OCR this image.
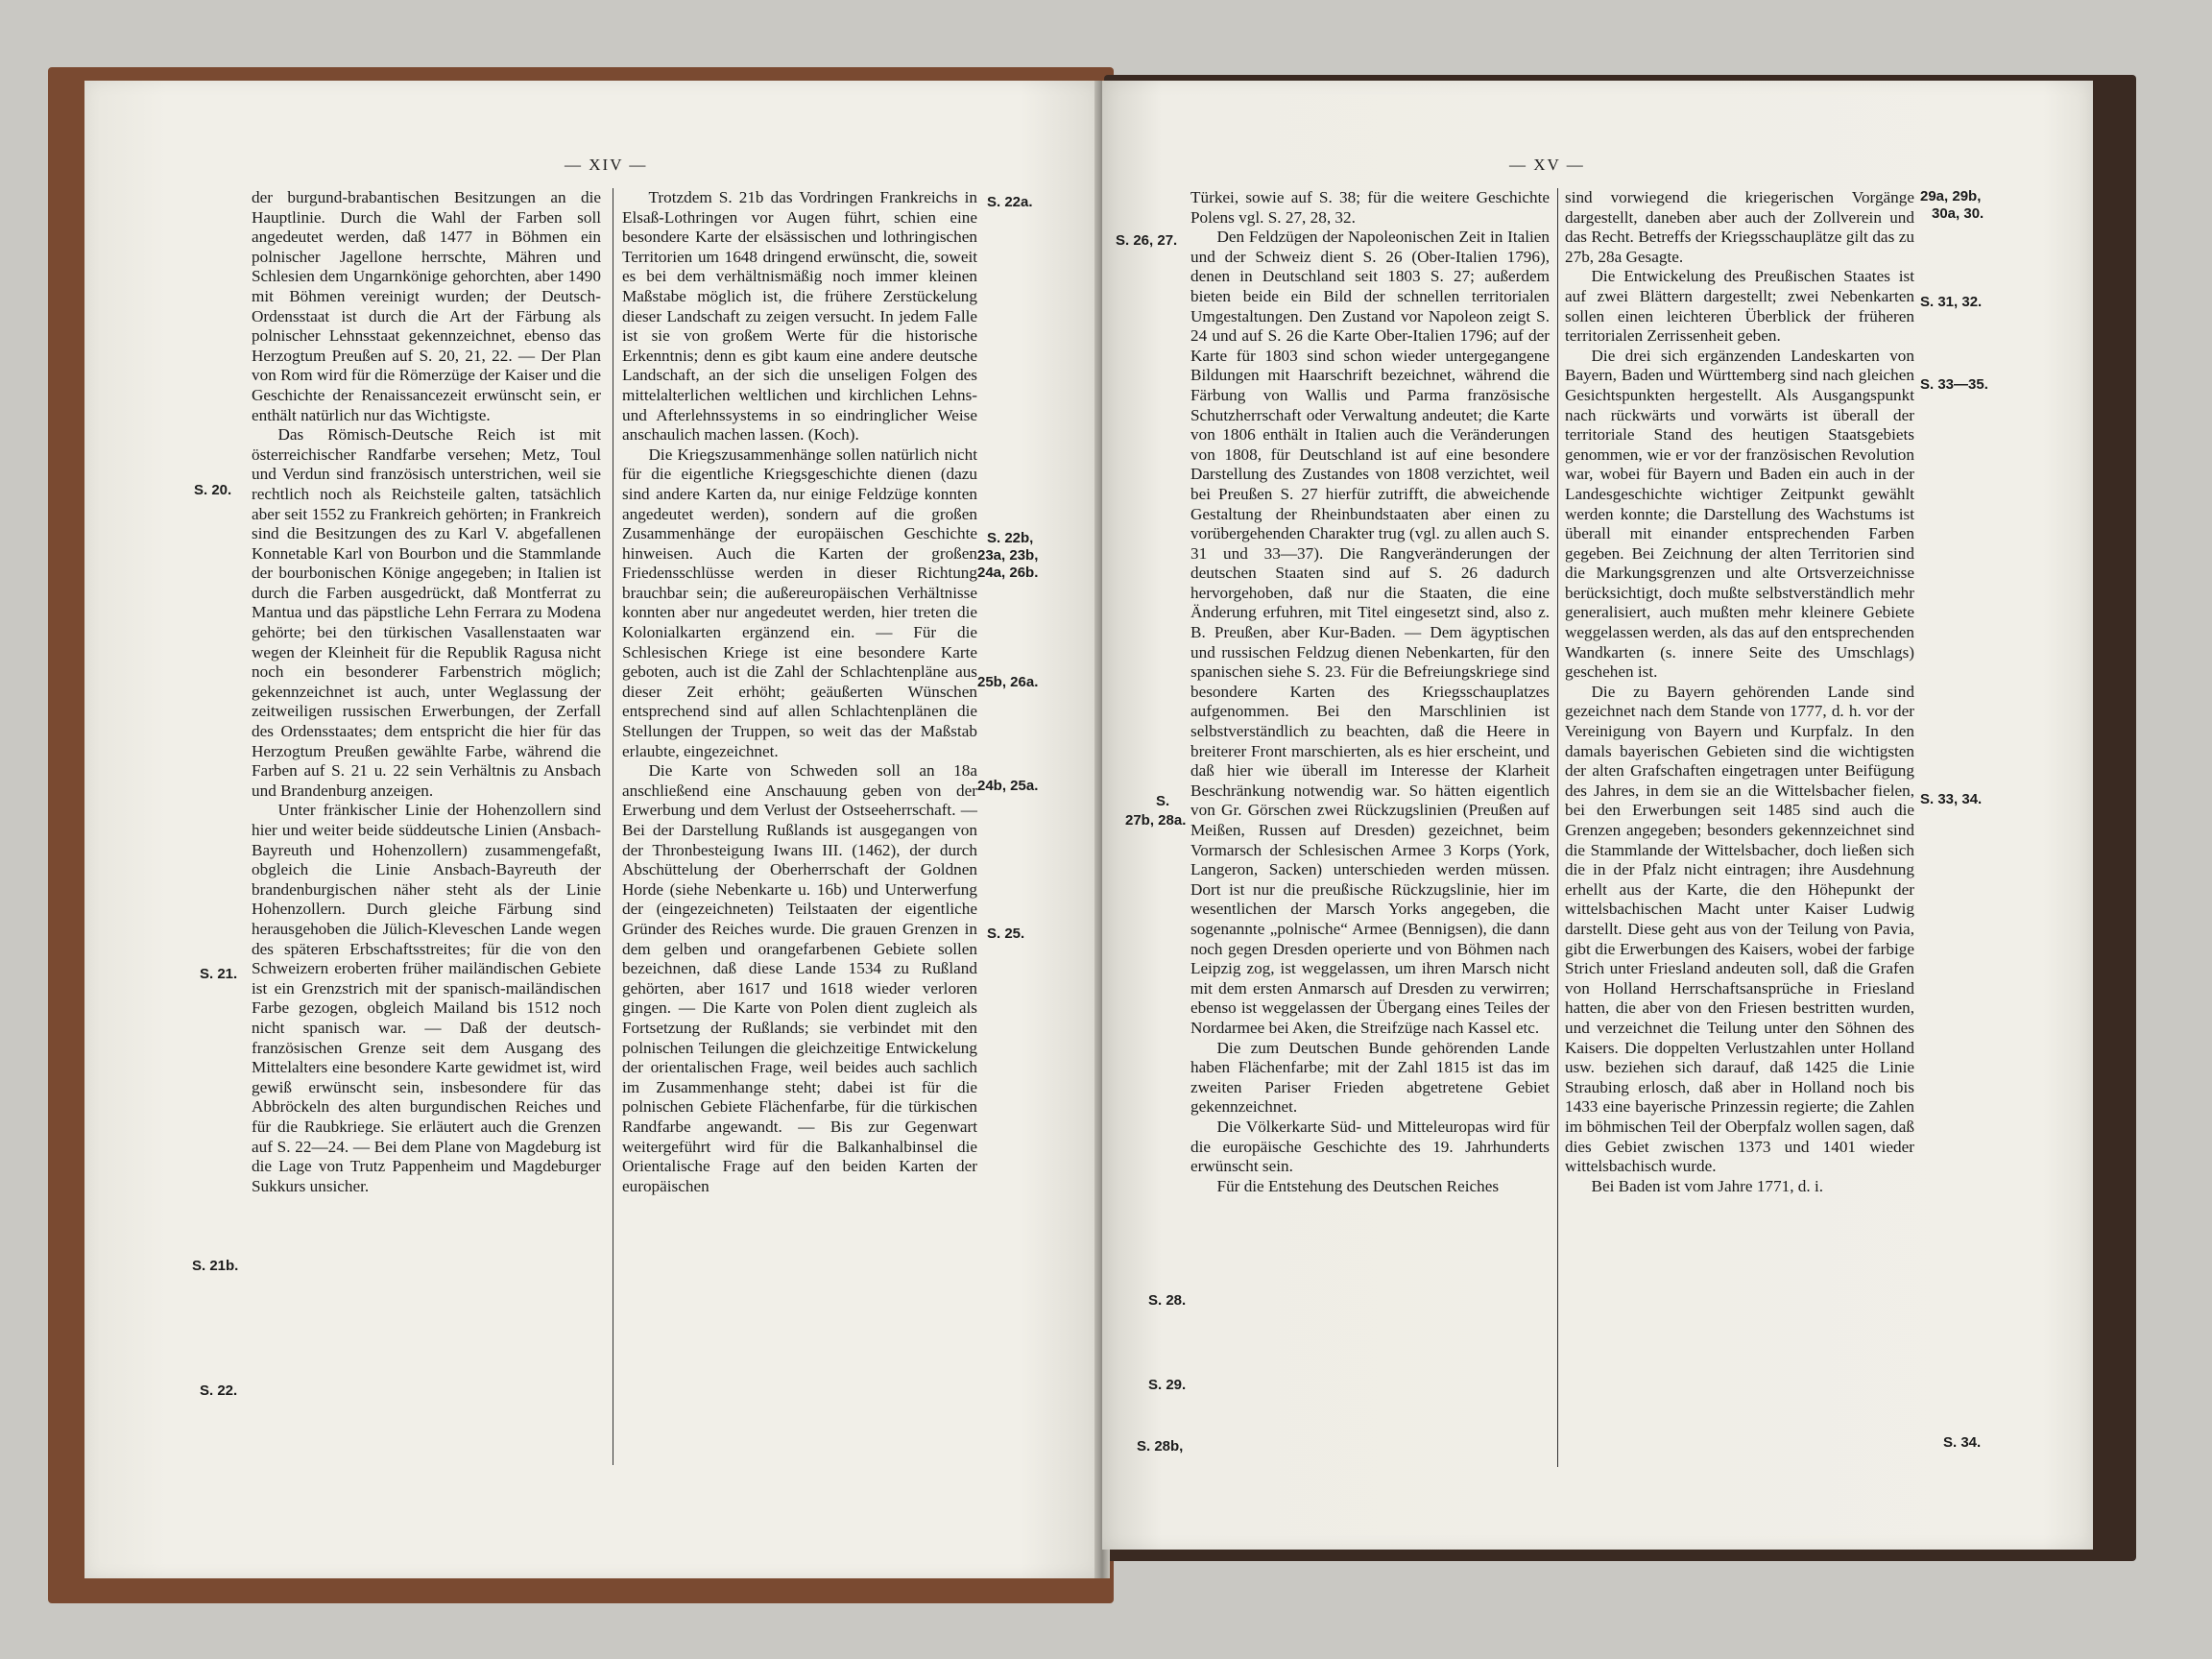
— XIV —

der burgund-brabantischen Besitzungen an die Hauptlinie. Durch die Wahl der Farben soll angedeutet werden, daß 1477 in Böhmen ein polnischer Jagellone herrschte, Mähren und Schlesien dem Ungarnkönige gehorchten, aber 1490 mit Böhmen vereinigt wurden; der Deutsch-Ordensstaat ist durch die Art der Färbung als polnischer Lehnsstaat gekennzeichnet, ebenso das Herzogtum Preußen auf S. 20, 21, 22. — Der Plan von Rom wird für die Römerzüge der Kaiser und die Geschichte der Renaissancezeit erwünscht sein, er enthält natürlich nur das Wichtigste.

Das Römisch-Deutsche Reich ist mit österreichischer Randfarbe versehen; Metz, Toul und Verdun sind französisch unterstrichen, weil sie rechtlich noch als Reichsteile galten, tatsächlich aber seit 1552 zu Frankreich gehörten; in Frankreich sind die Besitzungen des zu Karl V. abgefallenen Konnetable Karl von Bourbon und die Stammlande der bourbonischen Könige angegeben; in Italien ist durch die Farben ausgedrückt, daß Montferrat zu Mantua und das päpstliche Lehn Ferrara zu Modena gehörte; bei den türkischen Vasallenstaaten war wegen der Kleinheit für die Republik Ragusa nicht noch ein besonderer Farbenstrich möglich; gekennzeichnet ist auch, unter Weglassung der zeitweiligen russischen Erwerbungen, der Zerfall des Ordensstaates; dem entspricht die hier für das Herzogtum Preußen gewählte Farbe, während die Farben auf S. 21 u. 22 sein Verhältnis zu Ansbach und Brandenburg anzeigen.

Unter fränkischer Linie der Hohenzollern sind hier und weiter beide süddeutsche Linien (Ansbach-Bayreuth und Hohenzollern) zusammengefaßt, obgleich die Linie Ansbach-Bayreuth der brandenburgischen näher steht als der Linie Hohenzollern. Durch gleiche Färbung sind herausgehoben die Jülich-Kleveschen Lande wegen des späteren Erbschaftsstreites; für die von den Schweizern eroberten früher mailändischen Gebiete ist ein Grenzstrich mit der spanisch-mailändischen Farbe gezogen, obgleich Mailand bis 1512 noch nicht spanisch war. — Daß der deutsch-französischen Grenze seit dem Ausgang des Mittelalters eine besondere Karte gewidmet ist, wird gewiß erwünscht sein, insbesondere für das Abbröckeln des alten burgundischen Reiches und für die Raubkriege. Sie erläutert auch die Grenzen auf S. 22—24. — Bei dem Plane von Magdeburg ist die Lage von Trutz Pappenheim und Magdeburger Sukkurs unsicher.

Trotzdem S. 21b das Vordringen Frankreichs in Elsaß-Lothringen vor Augen führt, schien eine besondere Karte der elsässischen und lothringischen Territorien um 1648 dringend erwünscht, die, soweit es bei dem verhältnismäßig noch immer kleinen Maßstabe möglich ist, die frühere Zerstückelung dieser Landschaft zu zeigen versucht. In jedem Falle ist sie von großem Werte für die historische Erkenntnis; denn es gibt kaum eine andere deutsche Landschaft, an der sich die unseligen Folgen des mittelalterlichen weltlichen und kirchlichen Lehns- und Afterlehnssystems in so eindringlicher Weise anschaulich machen lassen. (Koch).

Die Kriegszusammenhänge sollen natürlich nicht für die eigentliche Kriegsgeschichte dienen (dazu sind andere Karten da, nur einige Feldzüge konnten angedeutet werden), sondern auf die großen Zusammenhänge der europäischen Geschichte hinweisen. Auch die Karten der großen Friedensschlüsse werden in dieser Richtung brauchbar sein; die außereuropäischen Verhältnisse konnten aber nur angedeutet werden, hier treten die Kolonialkarten ergänzend ein. — Für die Schlesischen Kriege ist eine besondere Karte geboten, auch ist die Zahl der Schlachtenpläne aus dieser Zeit erhöht; geäußerten Wünschen entsprechend sind auf allen Schlachtenplänen die Stellungen der Truppen, so weit das der Maßstab erlaubte, eingezeichnet.

Die Karte von Schweden soll an 18a anschließend eine Anschauung geben von der Erwerbung und dem Verlust der Ostseeherrschaft. — Bei der Darstellung Rußlands ist ausgegangen von der Thronbesteigung Iwans III. (1462), der durch Abschüttelung der Oberherrschaft der Goldnen Horde (siehe Nebenkarte u. 16b) und Unterwerfung der (eingezeichneten) Teilstaaten der eigentliche Gründer des Reiches wurde. Die grauen Grenzen in dem gelben und orangefarbenen Gebiete sollen bezeichnen, daß diese Lande 1534 zu Rußland gehörten, aber 1617 und 1618 wieder verloren gingen. — Die Karte von Polen dient zugleich als Fortsetzung der Rußlands; sie verbindet mit den polnischen Teilungen die gleichzeitige Entwickelung der orientalischen Frage, weil beides auch sachlich im Zusammenhange steht; dabei ist für die polnischen Gebiete Flächenfarbe, für die türkischen Randfarbe angewandt. — Bis zur Gegenwart weitergeführt wird für die Balkanhalbinsel die Orientalische Frage auf den beiden Karten der europäischen

S. 20.
S. 21.
S. 21b.
S. 22.
S. 22a.
S. 22b,
23a, 23b,
24a, 26b.
25b, 26a.
24b, 25a.
S. 25.
— XV —

Türkei, sowie auf S. 38; für die weitere Geschichte Polens vgl. S. 27, 28, 32.

Den Feldzügen der Napoleonischen Zeit in Italien und der Schweiz dient S. 26 (Ober-Italien 1796), denen in Deutschland seit 1803 S. 27; außerdem bieten beide ein Bild der schnellen territorialen Umgestaltungen. Den Zustand vor Napoleon zeigt S. 24 und auf S. 26 die Karte Ober-Italien 1796; auf der Karte für 1803 sind schon wieder untergegangene Bildungen mit Haarschrift bezeichnet, während die Färbung von Wallis und Parma französische Schutzherrschaft oder Verwaltung andeutet; die Karte von 1806 enthält in Italien auch die Veränderungen von 1808, für Deutschland ist auf eine besondere Darstellung des Zustandes von 1808 verzichtet, weil bei Preußen S. 27 hierfür zutrifft, die abweichende Gestaltung der Rheinbundstaaten aber einen zu vorübergehenden Charakter trug (vgl. zu allen auch S. 31 und 33—37). Die Rangveränderungen der deutschen Staaten sind auf S. 26 dadurch hervorgehoben, daß nur die Staaten, die eine Änderung erfuhren, mit Titel eingesetzt sind, also z. B. Preußen, aber Kur-Baden. — Dem ägyptischen und russischen Feldzug dienen Nebenkarten, für den spanischen siehe S. 23. Für die Befreiungskriege sind besondere Karten des Kriegsschauplatzes aufgenommen. Bei den Marschlinien ist selbstverständlich zu beachten, daß die Heere in breiterer Front marschierten, als es hier erscheint, und daß hier wie überall im Interesse der Klarheit Beschränkung notwendig war. So hätten eigentlich von Gr. Görschen zwei Rückzugslinien (Preußen auf Meißen, Russen auf Dresden) gezeichnet, beim Vormarsch der Schlesischen Armee 3 Korps (York, Langeron, Sacken) unterschieden werden müssen. Dort ist nur die preußische Rückzugslinie, hier im wesentlichen der Marsch Yorks angegeben, die sogenannte „polnische“ Armee (Bennigsen), die dann noch gegen Dresden operierte und von Böhmen nach Leipzig zog, ist weggelassen, um ihren Marsch nicht mit dem ersten Anmarsch auf Dresden zu verwirren; ebenso ist weggelassen der Übergang eines Teiles der Nordarmee bei Aken, die Streifzüge nach Kassel etc.

Die zum Deutschen Bunde gehörenden Lande haben Flächenfarbe; mit der Zahl 1815 ist das im zweiten Pariser Frieden abgetretene Gebiet gekennzeichnet.

Die Völkerkarte Süd- und Mitteleuropas wird für die europäische Geschichte des 19. Jahrhunderts erwünscht sein.

Für die Entstehung des Deutschen Reiches

sind vorwiegend die kriegerischen Vorgänge dargestellt, daneben aber auch der Zollverein und das Recht. Betreffs der Kriegsschauplätze gilt das zu 27b, 28a Gesagte.

Die Entwickelung des Preußischen Staates ist auf zwei Blättern dargestellt; zwei Nebenkarten sollen einen leichteren Überblick der früheren territorialen Zerrissenheit geben.

Die drei sich ergänzenden Landeskarten von Bayern, Baden und Württemberg sind nach gleichen Gesichtspunkten hergestellt. Als Ausgangspunkt nach rückwärts und vorwärts ist überall der territoriale Stand des heutigen Staatsgebiets genommen, wie er vor der französischen Revolution war, wobei für Bayern und Baden ein auch in der Landesgeschichte wichtiger Zeitpunkt gewählt werden konnte; die Darstellung des Wachstums ist überall mit einander entsprechenden Farben gegeben. Bei Zeichnung der alten Territorien sind die Markungsgrenzen und alte Ortsverzeichnisse berücksichtigt, doch mußte selbstverständlich mehr generalisiert, auch mußten mehr kleinere Gebiete weggelassen werden, als das auf den entsprechenden Wandkarten (s. innere Seite des Umschlags) geschehen ist.

Die zu Bayern gehörenden Lande sind gezeichnet nach dem Stande von 1777, d. h. vor der Vereinigung von Bayern und Kurpfalz. In den damals bayerischen Gebieten sind die wichtigsten der alten Grafschaften eingetragen unter Beifügung des Jahres, in dem sie an die Wittelsbacher fielen, bei den Erwerbungen seit 1485 sind auch die Grenzen angegeben; besonders gekennzeichnet sind die Stammlande der Wittelsbacher, doch ließen sich die in der Pfalz nicht eintragen; ihre Ausdehnung erhellt aus der Karte, die den Höhepunkt der wittelsbachischen Macht unter Kaiser Ludwig darstellt. Diese geht aus von der Teilung von Pavia, gibt die Erwerbungen des Kaisers, wobei der farbige Strich unter Friesland andeuten soll, daß die Grafen von Holland Herrschaftsansprüche in Friesland hatten, die aber von den Friesen bestritten wurden, und verzeichnet die Teilung unter den Söhnen des Kaisers. Die doppelten Verlustzahlen unter Holland usw. beziehen sich darauf, daß 1425 die Linie Straubing erlosch, daß aber in Holland noch bis 1433 eine bayerische Prinzessin regierte; die Zahlen im böhmischen Teil der Oberpfalz wollen sagen, daß dies Gebiet zwischen 1373 und 1401 wieder wittelsbachisch wurde.

Bei Baden ist vom Jahre 1771, d. i.

S. 26, 27.
S.
27b, 28a.
S. 28.
S. 29.
S. 28b,
29a, 29b,
30a, 30.
S. 31, 32.
S. 33—35.
S. 33, 34.
S. 34.
